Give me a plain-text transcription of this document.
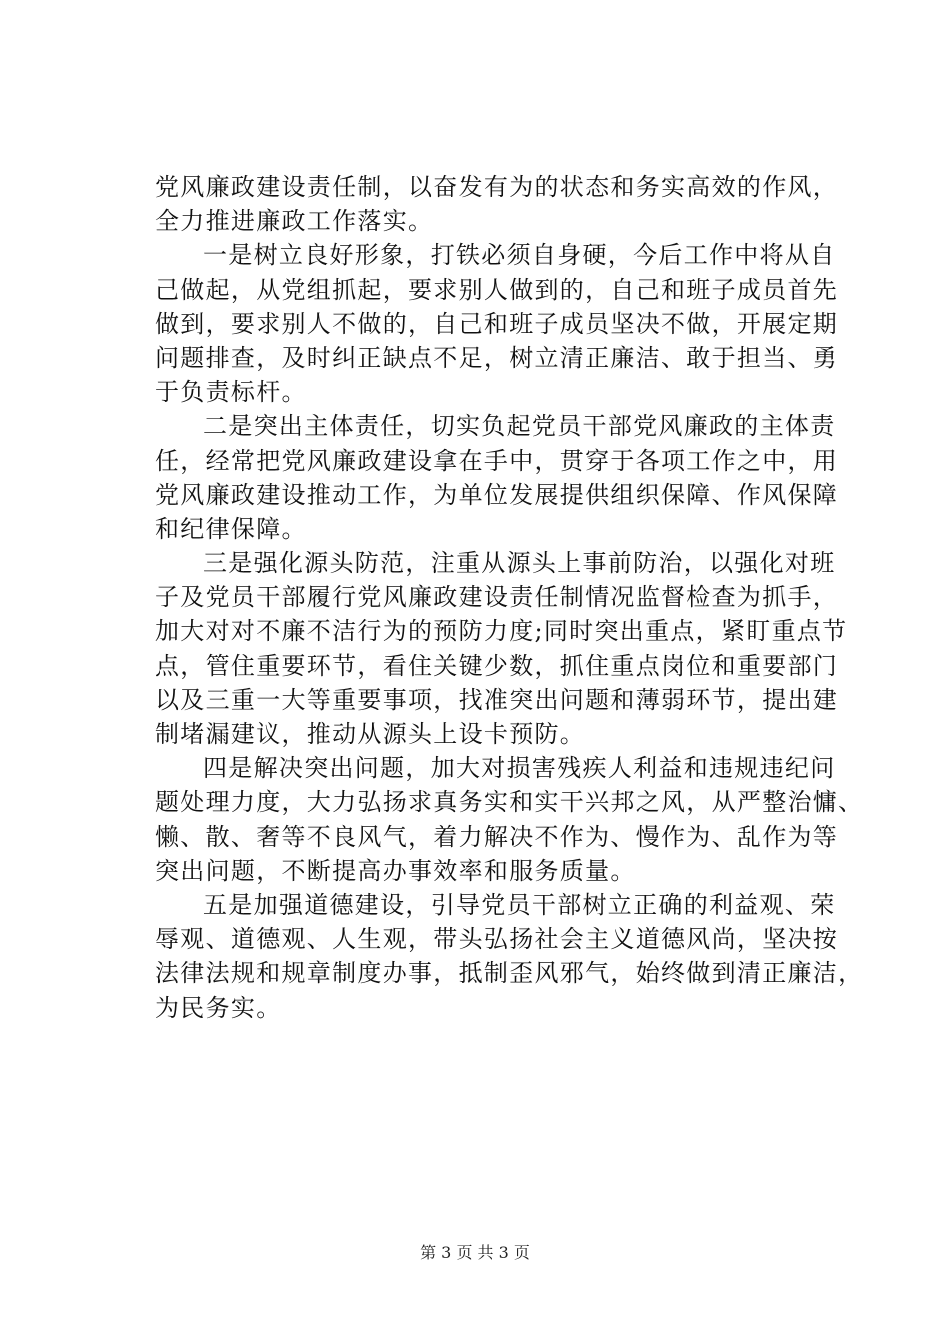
党风廉政建设责任制，以奋发有为的状态和务实高效的作风，
全力推进廉政工作落实。
一是树立良好形象，打铁必须自身硬，今后工作中将从自
己做起，从党组抓起，要求别人做到的，自己和班子成员首先
做到，要求别人不做的，自己和班子成员坚决不做，开展定期
问题排查，及时纠正缺点不足，树立清正廉洁、敢于担当、勇
于负责标杆。
二是突出主体责任，切实负起党员干部党风廉政的主体责
任，经常把党风廉政建设拿在手中，贯穿于各项工作之中，用
党风廉政建设推动工作，为单位发展提供组织保障、作风保障
和纪律保障。
三是强化源头防范，注重从源头上事前防治，以强化对班
子及党员干部履行党风廉政建设责任制情况监督检查为抓手，
加大对对不廉不洁行为的预防力度;同时突出重点，紧盯重点节
点，管住重要环节，看住关键少数，抓住重点岗位和重要部门
以及三重一大等重要事项，找准突出问题和薄弱环节，提出建
制堵漏建议，推动从源头上设卡预防。
四是解决突出问题，加大对损害残疾人利益和违规违纪问
题处理力度，大力弘扬求真务实和实干兴邦之风，从严整治慵、
懒、散、奢等不良风气，着力解决不作为、慢作为、乱作为等
突出问题，不断提高办事效率和服务质量。
五是加强道德建设，引导党员干部树立正确的利益观、荣
辱观、道德观、人生观，带头弘扬社会主义道德风尚，坚决按
法律法规和规章制度办事，抵制歪风邪气，始终做到清正廉洁，
为民务实。
第 3 页 共 3 页
